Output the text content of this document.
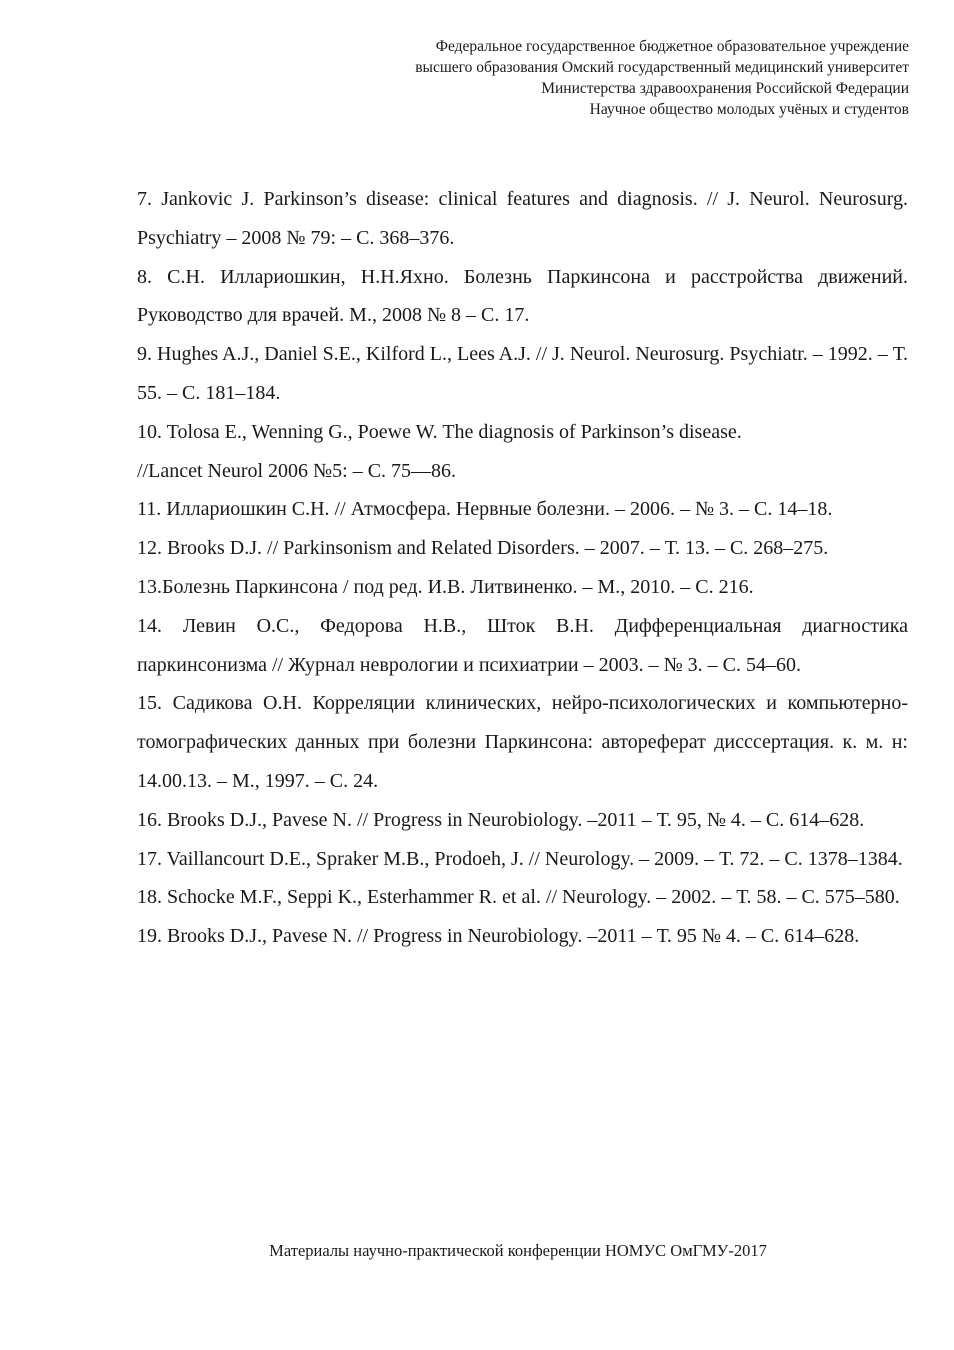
Федеральное государственное бюджетное образовательное учреждение
высшего образования Омский государственный медицинский университет
Министерства здравоохранения Российской Федерации
Научное общество молодых учёных и студентов

7. Jankovic J. Parkinson’s disease: clinical features and diagnosis. // J. Neurol. Neurosurg. Psychiatry – 2008 № 79: – С. 368–376.

8. С.Н. Иллариошкин, Н.Н.Яхно. Болезнь Паркинсона и расстройства движений. Руководство для врачей. М., 2008 № 8 – С. 17.

9. Hughes A.J., Daniel S.E., Kilford L., Lees A.J. // J. Neurol. Neurosurg. Psychiatr. – 1992. – Т. 55. – С. 181–184.

10. Tolosa E., Wenning G., Poewe W. The diagnosis of Parkinson’s disease.

//Lancet Neurol 2006 №5: – С. 75—86.

11. Иллариошкин С.Н. // Атмосфера. Нервные болезни. – 2006. – № 3. – С. 14–18.

12. Brooks D.J. // Parkinsonism and Related Disorders. – 2007. – Т. 13. – С. 268–275.

13.Болезнь Паркинсона / под ред. И.В. Литвиненко. – М., 2010. – С. 216.

14. Левин О.С., Федорова Н.В., Шток В.Н. Дифференциальная диагностика паркинсонизма // Журнал неврологии и психиатрии – 2003. – № 3. – С. 54–60.

15. Садикова О.Н. Корреляции клинических, нейро-психологических и компьютерно-томографических данных при болезни Паркинсона: автореферат дисссертация. к. м. н: 14.00.13. – М., 1997. – С. 24.

16. Brooks D.J., Pavese N. // Progress in Neurobiology. –2011 – Т. 95, № 4. – С. 614–628.

17. Vaillancourt D.E., Spraker M.B., Prodoeh, J. // Neurology. – 2009. – Т. 72. – С. 1378–1384.

18. Schocke M.F., Seppi K., Esterhammer R. et al. // Neurology. – 2002. – Т. 58. – С. 575–580.

19. Brooks D.J., Pavese N. // Progress in Neurobiology. –2011 – Т. 95 № 4. – С. 614–628.

Материалы научно-практической конференции НОМУС ОмГМУ-2017
